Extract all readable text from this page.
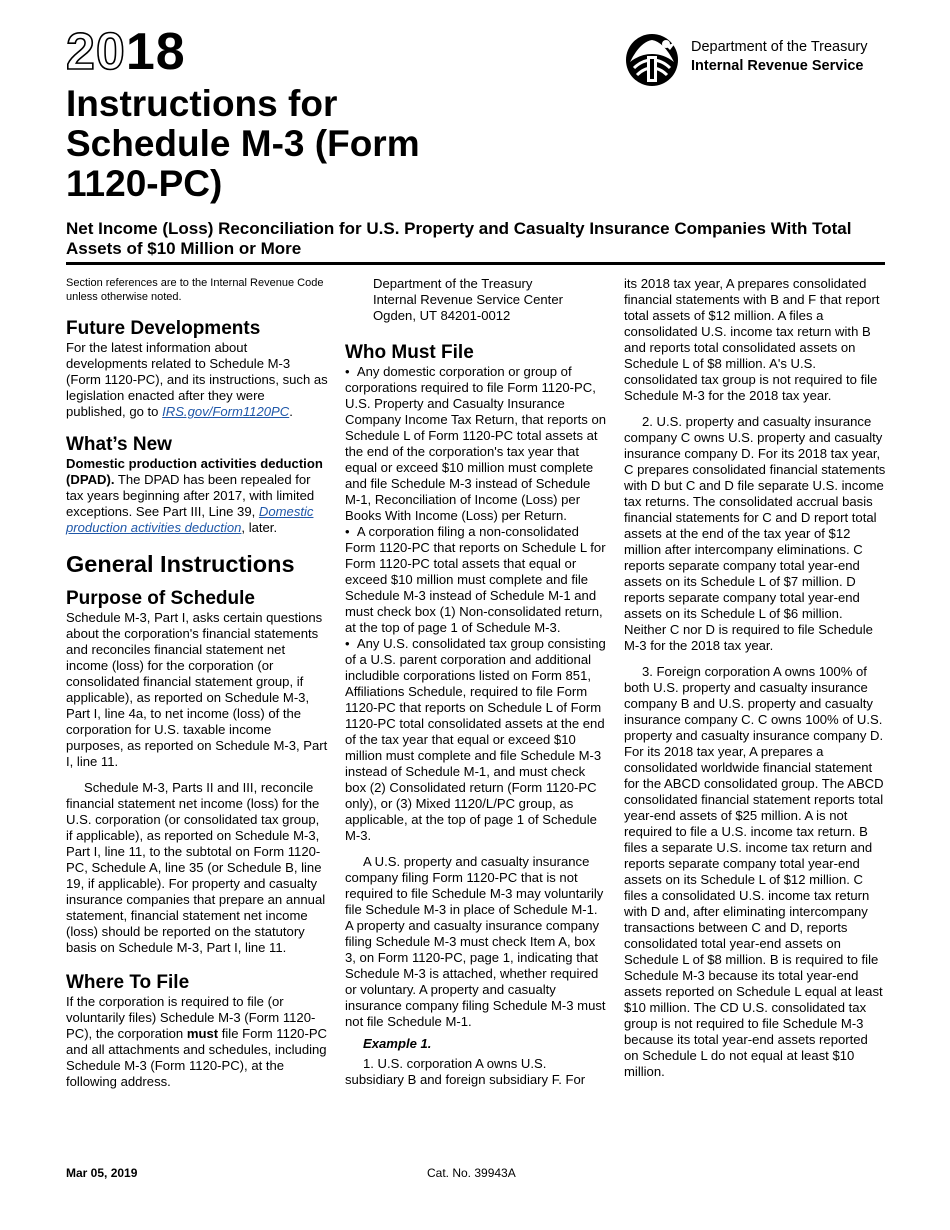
2018
Instructions for Schedule M-3 (Form 1120-PC)
Department of the Treasury
Internal Revenue Service
Net Income (Loss) Reconciliation for U.S. Property and Casualty Insurance Companies With Total Assets of $10 Million or More

Section references are to the Internal Revenue Code unless otherwise noted.

Future Developments

For the latest information about developments related to Schedule M-3 (Form 1120-PC), and its instructions, such as legislation enacted after they were published, go to IRS.gov/Form1120PC.

What’s New

Domestic production activities deduction (DPAD). The DPAD has been repealed for tax years beginning after 2017, with limited exceptions. See Part III, Line 39, Domestic production activities deduction, later.

General Instructions
Purpose of Schedule

Schedule M-3, Part I, asks certain questions about the corporation's financial statements and reconciles financial statement net income (loss) for the corporation (or consolidated financial statement group, if applicable), as reported on Schedule M-3, Part I, line 4a, to net income (loss) of the corporation for U.S. taxable income purposes, as reported on Schedule M-3, Part I, line 11.

Schedule M-3, Parts II and III, reconcile financial statement net income (loss) for the U.S. corporation (or consolidated tax group, if applicable), as reported on Schedule M-3, Part I, line 11, to the subtotal on Form 1120-PC, Schedule A, line 35 (or Schedule B, line 19, if applicable). For property and casualty insurance companies that prepare an annual statement, financial statement net income (loss) should be reported on the statutory basis on Schedule M-3, Part I, line 11.

Where To File

If the corporation is required to file (or voluntarily files) Schedule M-3 (Form 1120-PC), the corporation must file Form 1120-PC and all attachments and schedules, including Schedule M-3 (Form 1120-PC), at the following address.

Department of the Treasury

Internal Revenue Service Center

Ogden, UT 84201-0012

Who Must File

•  Any domestic corporation or group of corporations required to file Form 1120-PC, U.S. Property and Casualty Insurance Company Income Tax Return, that reports on Schedule L of Form 1120-PC total assets at the end of the corporation's tax year that equal or exceed $10 million must complete and file Schedule M-3 instead of Schedule M-1, Reconciliation of Income (Loss) per Books With Income (Loss) per Return.

•  A corporation filing a non-consolidated Form 1120-PC that reports on Schedule L for Form 1120-PC total assets that equal or exceed $10 million must complete and file Schedule M-3 instead of Schedule M-1 and must check box (1) Non-consolidated return, at the top of page 1 of Schedule M-3.

•  Any U.S. consolidated tax group consisting of a U.S. parent corporation and additional includible corporations listed on Form 851, Affiliations Schedule, required to file Form 1120-PC that reports on Schedule L of Form 1120-PC total consolidated assets at the end of the tax year that equal or exceed $10 million must complete and file Schedule M-3 instead of Schedule M-1, and must check box (2) Consolidated return (Form 1120-PC only), or (3) Mixed 1120/L/PC group, as applicable, at the top of page 1 of Schedule M-3.

A U.S. property and casualty insurance company filing Form 1120-PC that is not required to file Schedule M-3 may voluntarily file Schedule M-3 in place of Schedule M-1. A property and casualty insurance company filing Schedule M-3 must check Item A, box 3, on Form 1120-PC, page 1, indicating that Schedule M-3 is attached, whether required or voluntary. A property and casualty insurance company filing Schedule M-3 must not file Schedule M-1.

Example 1.

1. U.S. corporation A owns U.S. subsidiary B and foreign subsidiary F. For

its 2018 tax year, A prepares consolidated financial statements with B and F that report total assets of $12 million. A files a consolidated U.S. income tax return with B and reports total consolidated assets on Schedule L of $8 million. A's U.S. consolidated tax group is not required to file Schedule M-3 for the 2018 tax year.

2. U.S. property and casualty insurance company C owns U.S. property and casualty insurance company D. For its 2018 tax year, C prepares consolidated financial statements with D but C and D file separate U.S. income tax returns. The consolidated accrual basis financial statements for C and D report total assets at the end of the tax year of $12 million after intercompany eliminations. C reports separate company total year-end assets on its Schedule L of $7 million. D reports separate company total year-end assets on its Schedule L of $6 million. Neither C nor D is required to file Schedule M-3 for the 2018 tax year.

3. Foreign corporation A owns 100% of both U.S. property and casualty insurance company B and U.S. property and casualty insurance company C. C owns 100% of U.S. property and casualty insurance company D. For its 2018 tax year, A prepares a consolidated worldwide financial statement for the ABCD consolidated group. The ABCD consolidated financial statement reports total year-end assets of $25 million. A is not required to file a U.S. income tax return. B files a separate U.S. income tax return and reports separate company total year-end assets on its Schedule L of $12 million. C files a consolidated U.S. income tax return with D and, after eliminating intercompany transactions between C and D, reports consolidated total year-end assets on Schedule L of $8 million. B is required to file Schedule M-3 because its total year-end assets reported on Schedule L equal at least $10 million. The CD U.S. consolidated tax group is not required to file Schedule M-3 because its total year-end assets reported on Schedule L do not equal at least $10 million.

Mar 05, 2019	Cat. No. 39943A
